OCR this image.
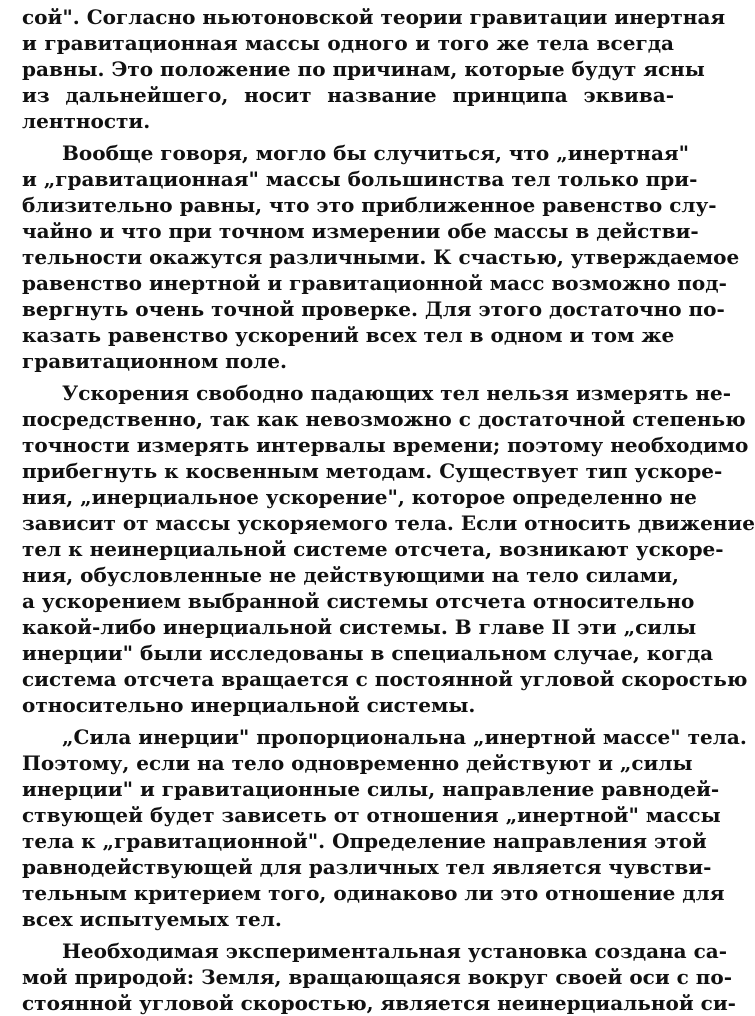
сой". Согласно ньютоновской теории гравитации инертная
и гравитационная массы одного и того же тела всегда
равны. Это положение по причинам, которые будут ясны
из дальнейшего, носит название принципа эквива-
лентности.
Вообще говоря, могло бы случиться, что „инертная"
и „гравитационная" массы большинства тел только при-
близительно равны, что это приближенное равенство слу-
чайно и что при точном измерении обе массы в действи-
тельности окажутся различными. К счастью, утверждаемое
равенство инертной и гравитационной масс возможно под-
вергнуть очень точной проверке. Для этого достаточно по-
казать равенство ускорений всех тел в одном и том же
гравитационном поле.
Ускорения свободно падающих тел нельзя измерять не-
посредственно, так как невозможно с достаточной степенью
точности измерять интервалы времени; поэтому необходимо
прибегнуть к косвенным методам. Существует тип ускоре-
ния, „инерциальное ускорение", которое определенно не
зависит от массы ускоряемого тела. Если относить движение
тел к неинерциальной системе отсчета, возникают ускоре-
ния, обусловленные не действующими на тело силами,
а ускорением выбранной системы отсчета относительно
какой-либо инерциальной системы. В главе II эти „силы
инерции" были исследованы в специальном случае, когда
система отсчета вращается с постоянной угловой скоростью
относительно инерциальной системы.
„Сила инерции" пропорциональна „инертной массе" тела.
Поэтому, если на тело одновременно действуют и „силы
инерции" и гравитационные силы, направление равнодей-
ствующей будет зависеть от отношения „инертной" массы
тела к „гравитационной". Определение направления этой
равнодействующей для различных тел является чувстви-
тельным критерием того, одинаково ли это отношение для
всех испытуемых тел.
Необходимая экспериментальная установка создана са-
мой природой: Земля, вращающаяся вокруг своей оси с по-
стоянной угловой скоростью, является неинерциальной си-
